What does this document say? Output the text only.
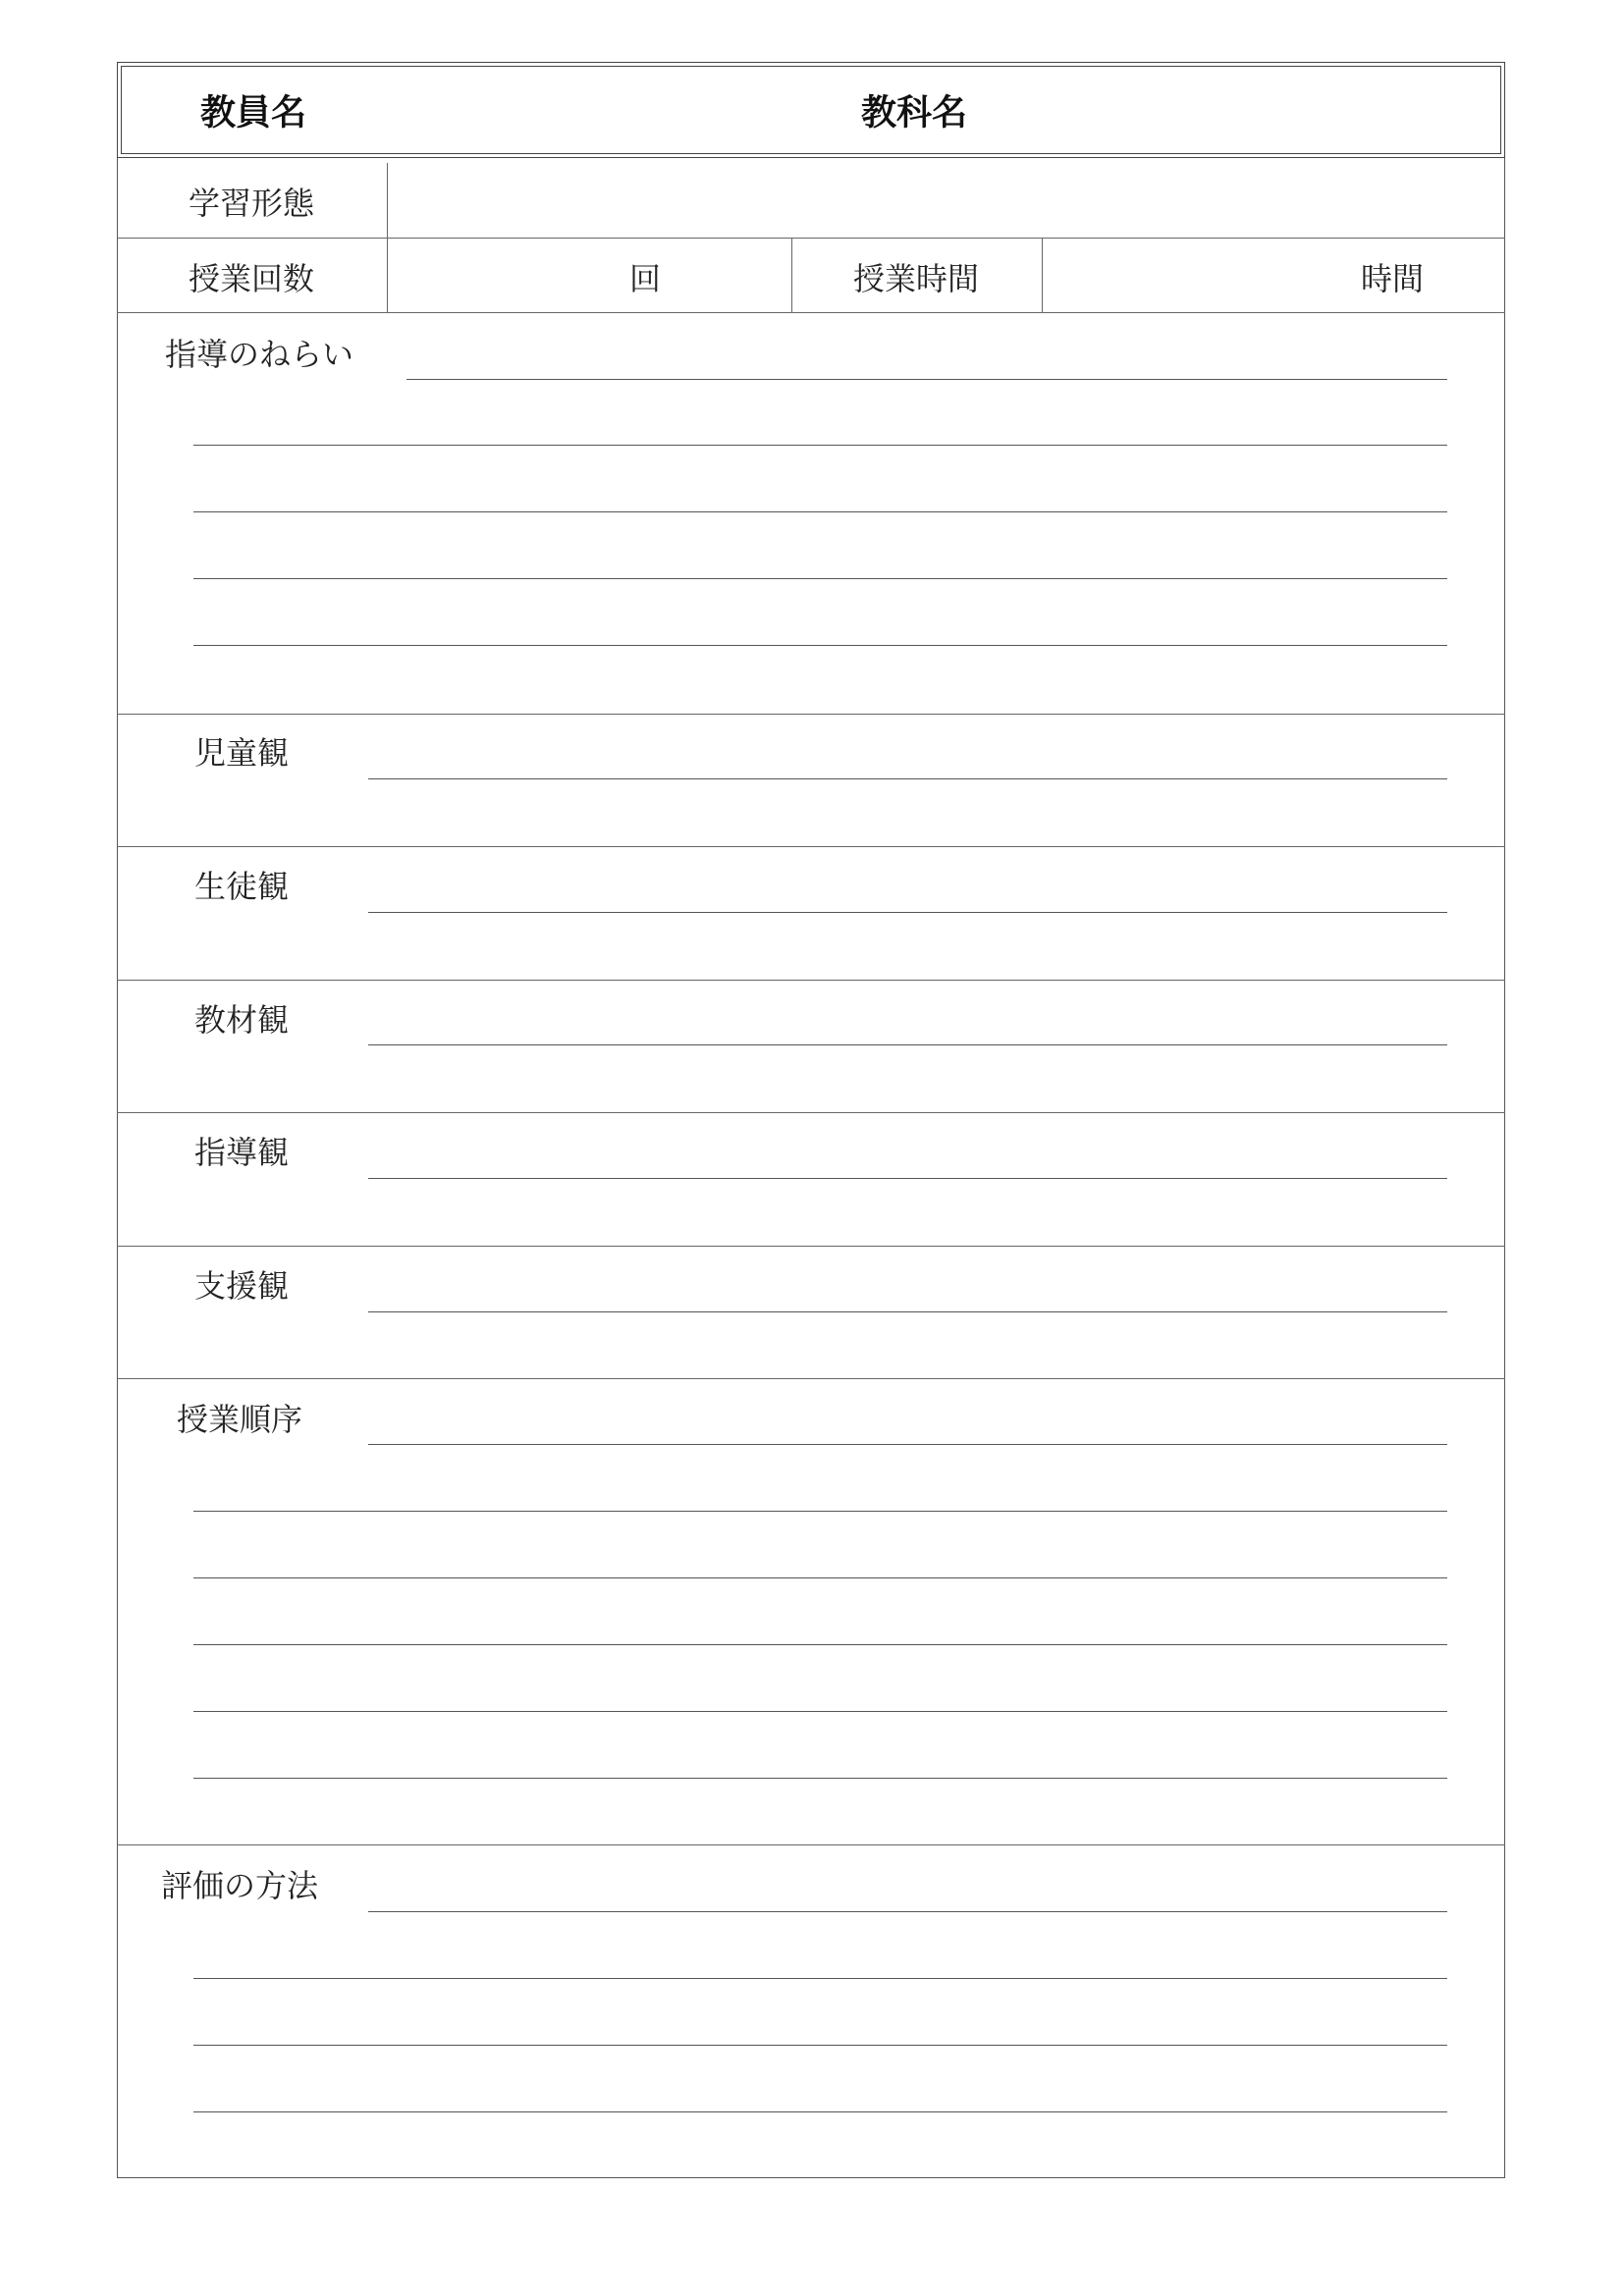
教員名	教科名
学習形態
授業回数	回	授業時間	時間
指導のねらい
児童観
生徒観
教材観
指導観
支援観
授業順序
評価の方法
